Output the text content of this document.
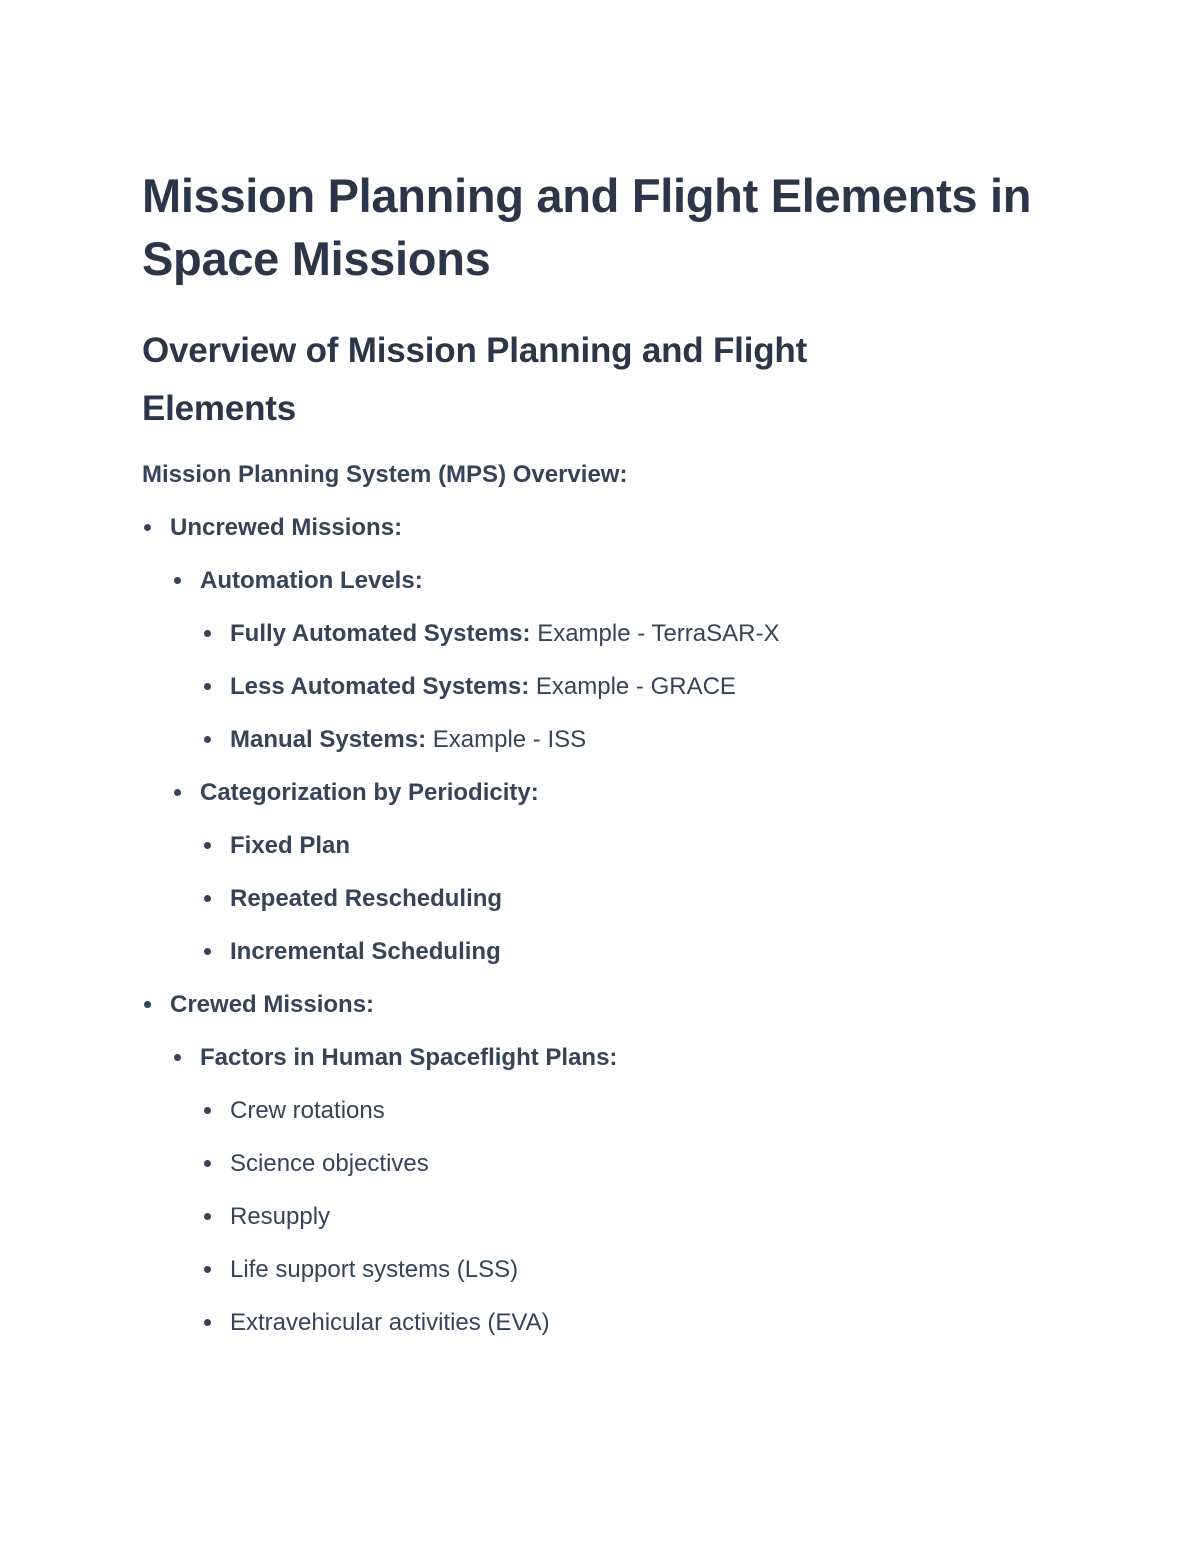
Mission Planning and Flight Elements in Space Missions
Overview of Mission Planning and Flight Elements
Mission Planning System (MPS) Overview:
Uncrewed Missions:
Automation Levels:
Fully Automated Systems: Example - TerraSAR-X
Less Automated Systems: Example - GRACE
Manual Systems: Example - ISS
Categorization by Periodicity:
Fixed Plan
Repeated Rescheduling
Incremental Scheduling
Crewed Missions:
Factors in Human Spaceflight Plans:
Crew rotations
Science objectives
Resupply
Life support systems (LSS)
Extravehicular activities (EVA)
